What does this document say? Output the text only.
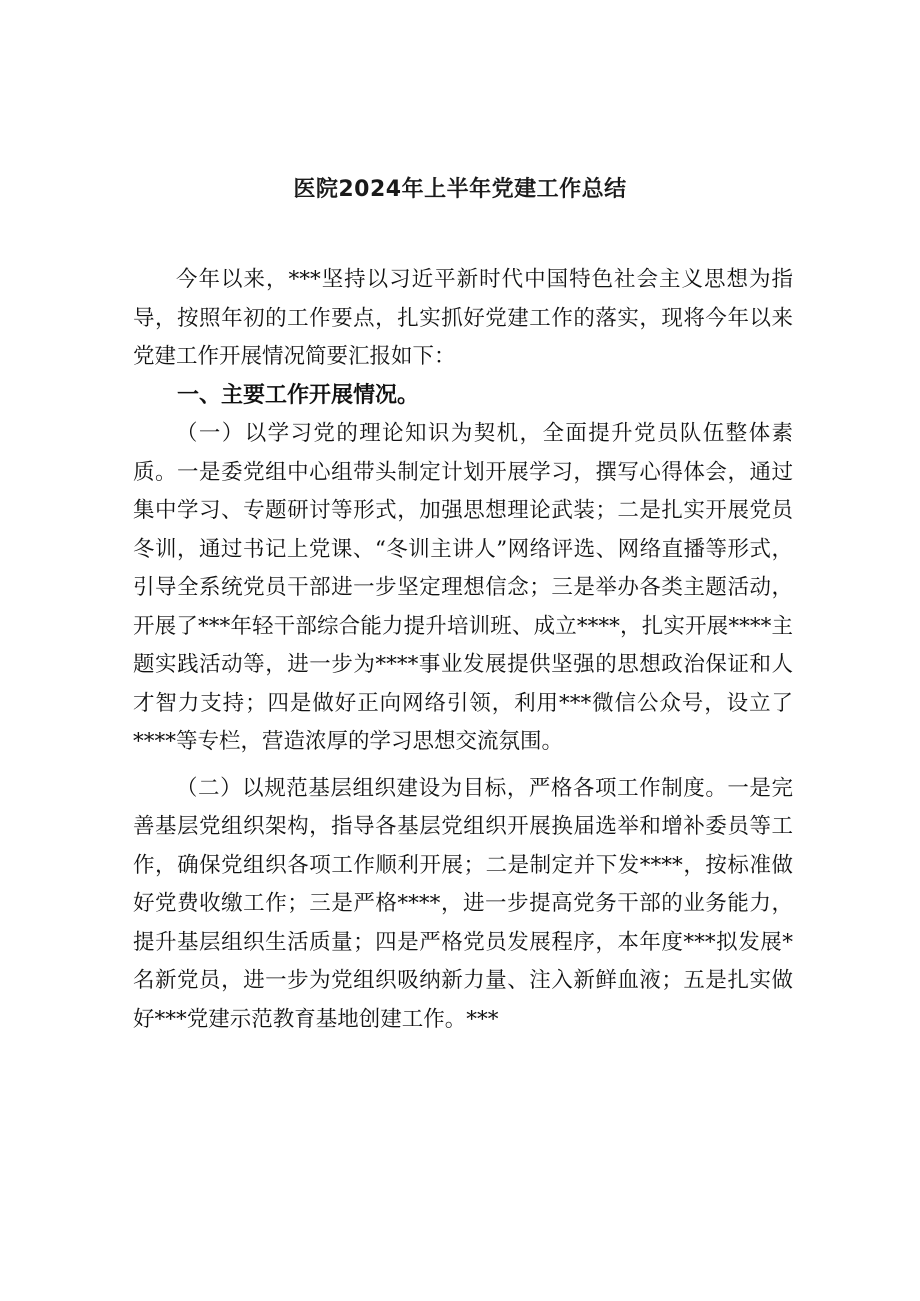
医院2024年上半年党建工作总结

今年以来，***坚持以习近平新时代中国特色社会主义思想为指导，按照年初的工作要点，扎实抓好党建工作的落实，现将今年以来党建工作开展情况简要汇报如下：

一、主要工作开展情况。

（一）以学习党的理论知识为契机，全面提升党员队伍整体素质。一是委党组中心组带头制定计划开展学习，撰写心得体会，通过集中学习、专题研讨等形式，加强思想理论武装；二是扎实开展党员冬训，通过书记上党课、“冬训主讲人”网络评选、网络直播等形式，引导全系统党员干部进一步坚定理想信念；三是举办各类主题活动，开展了***年轻干部综合能力提升培训班、成立****，扎实开展****主题实践活动等，进一步为****事业发展提供坚强的思想政治保证和人才智力支持；四是做好正向网络引领，利用***微信公众号，设立了****等专栏，营造浓厚的学习思想交流氛围。

（二）以规范基层组织建设为目标，严格各项工作制度。一是完善基层党组织架构，指导各基层党组织开展换届选举和增补委员等工作，确保党组织各项工作顺利开展；二是制定并下发****，按标准做好党费收缴工作；三是严格****，进一步提高党务干部的业务能力，提升基层组织生活质量；四是严格党员发展程序，本年度***拟发展*名新党员，进一步为党组织吸纳新力量、注入新鲜血液；五是扎实做好***党建示范教育基地创建工作。***
